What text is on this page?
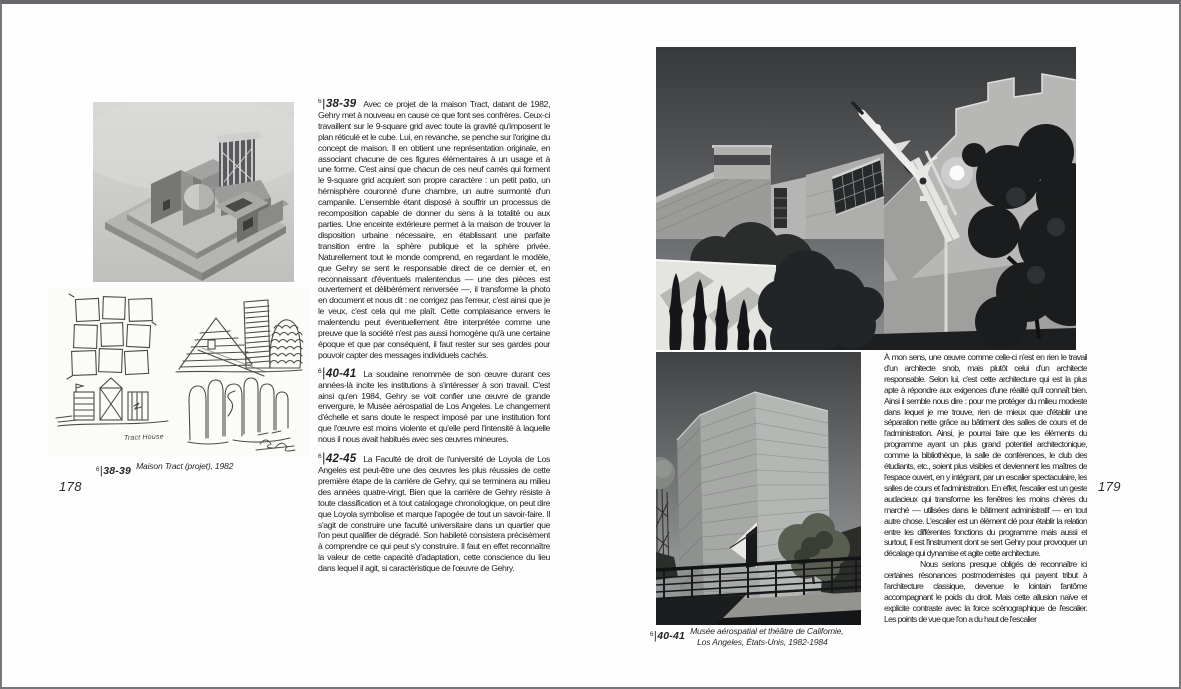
Tract House
$^6$|38-39 Maison Tract (projet), 1982
178

$^6$|38-39 Avec ce projet de la maison Tract, datant de 1982, Gehry met à nouveau en cause ce que font ses confrères. Ceux-ci travaillent sur le 9-square grid avec toute la gravité qu'imposent le plan réticulé et le cube. Lui, en revanche, se penche sur l'origine du concept de maison. Il en obtient une représentation originale, en associant chacune de ces figures élémentaires à un usage et à une forme. C'est ainsi que chacun de ces neuf carrés qui forment le 9-square grid acquiert son propre caractère : un petit patio, un hémisphère couronné d'une chambre, un autre surmonté d'un campanile. L'ensemble étant disposé à souffrir un processus de recomposition capable de donner du sens à la totalité ou aux parties. Une enceinte extérieure permet à la maison de trouver la disposition urbaine nécessaire, en établissant une parfaite transition entre la sphère publique et la sphère privée. Naturellement tout le monde comprend, en regardant le modèle, que Gehry se sent le responsable direct de ce dernier et, en reconnaissant d'éventuels malentendus — une des pièces est ouvertement et délibérément renversée —, il transforme la photo en document et nous dit : ne corrigez pas l'erreur, c'est ainsi que je le veux, c'est cela qui me plaît. Cette complaisance envers le malentendu peut éventuellement être interprétée comme une preuve que la société n'est pas aussi homogène qu'à une certaine époque et que par conséquent, il faut rester sur ses gardes pour pouvoir capter des messages individuels cachés.

$^6$|40-41 La soudaine renommée de son œuvre durant ces années-là incite les institutions à s'intéresser à son travail. C'est ainsi qu'en 1984, Gehry se voit confier une œuvre de grande envergure, le Musée aérospatial de Los Angeles. Le changement d'échelle et sans doute le respect imposé par une institution font que l'œuvre est moins violente et qu'elle perd l'intensité à laquelle nous il nous avait habitués avec ses œuvres mineures.

$^6$|42-45 La Faculté de droit de l'université de Loyola de Los Angeles est peut-être une des œuvres les plus réussies de cette première étape de la carrière de Gehry, qui se terminera au milieu des années quatre-vingt. Bien que la carrière de Gehry résiste à toute classification et à tout catalogage chronologique, on peut dire que Loyola symbolise et marque l'apogée de tout un savoir-faire. Il s'agit de construire une faculté universitaire dans un quartier que l'on peut qualifier de dégradé. Son habileté consistera précisément à comprendre ce qui peut s'y construire. Il faut en effet reconnaître la valeur de cette capacité d'adaptation, cette conscience du lieu dans lequel il agit, si caractéristique de l'œuvre de Gehry.

$^6$|40-41 Musée aérospatial et théâtre de Californie,
Los Angeles, États-Unis, 1982-1984
179

À mon sens, une œuvre comme celle-ci n'est en rien le travail d'un architecte snob, mais plutôt celui d'un architecte responsable. Selon lui, c'est cette architecture qui est la plus apte à répondre aux exigences d'une réalité qu'il connaît bien. Ainsi il semble nous dire : pour me protéger du milieu modeste dans lequel je me trouve, rien de mieux que d'établir une séparation nette grâce au bâtiment des salles de cours et de l'administration. Ainsi, je pourrai faire que les éléments du programme ayant un plus grand potentiel architectonique, comme la bibliothèque, la salle de conférences, le club des étudiants, etc., soient plus visibles et deviennent les maîtres de l'espace ouvert, en y intégrant, par un escalier spectaculaire, les salles de cours et l'administration. En effet, l'escalier est un geste audacieux qui transforme les fenêtres les moins chères du marché — utilisées dans le bâtiment administratif — en tout autre chose. L'escalier est un élément clé pour établir la relation entre les différentes fonctions du programme mais aussi et surtout, il est l'instrument dont se sert Gehry pour provoquer un décalage qui dynamise et agite cette architecture.

Nous serions presque obligés de reconnaître ici certaines résonances postmodernistes qui payent tribut à l'architecture classique, devenue le lointain fantôme accompagnant le poids du droit. Mais cette allusion naïve et explicite contraste avec la force scénographique de l'escalier. Les points de vue que l'on a du haut de l'escalier
